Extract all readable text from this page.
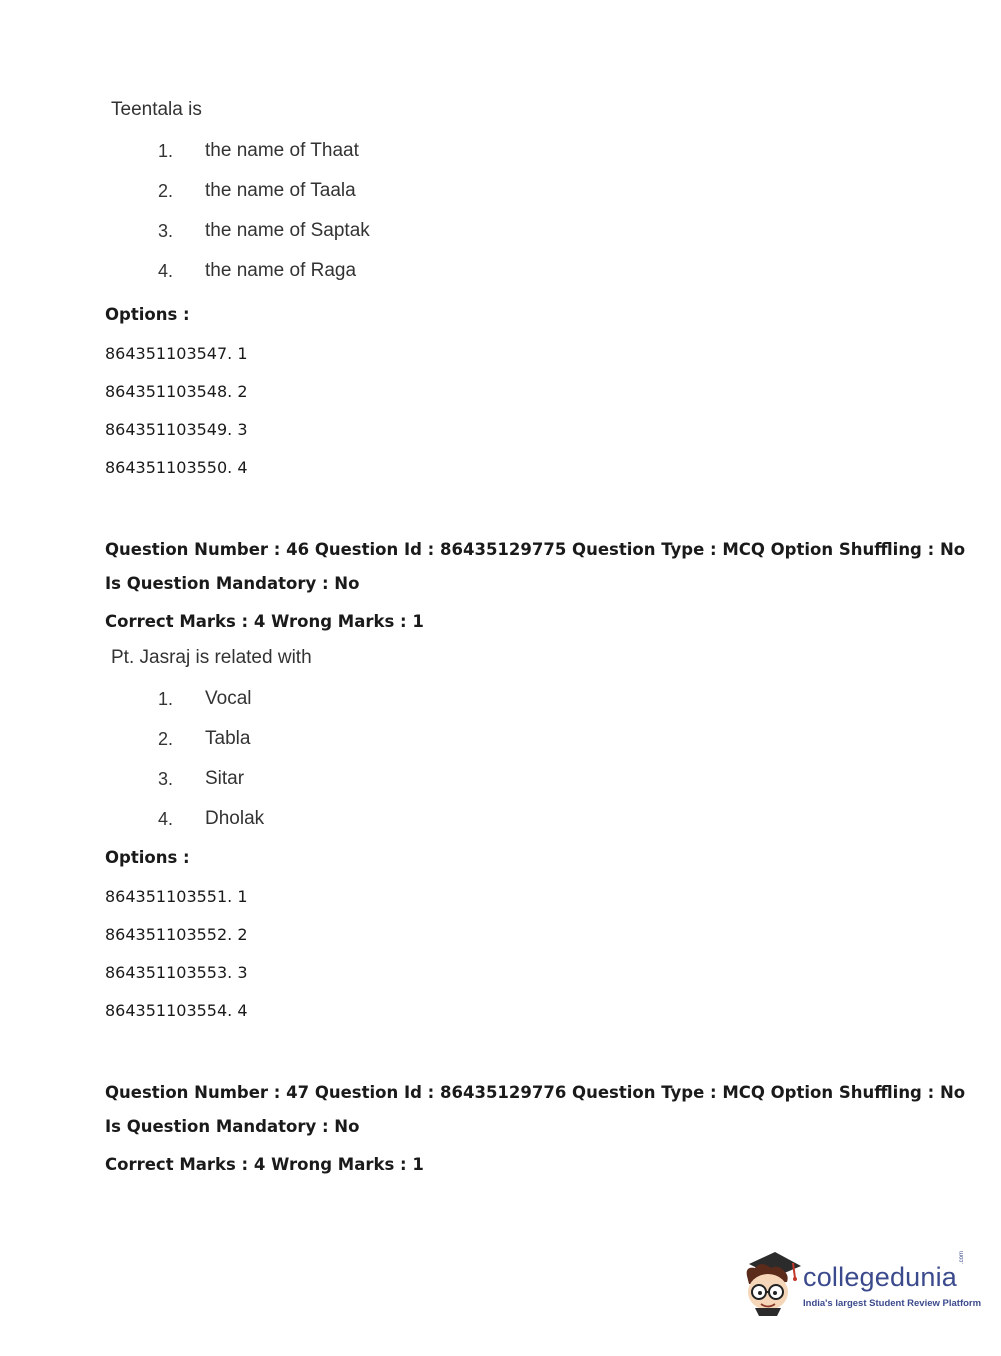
Teentala is
1. the name of Thaat
2. the name of Taala
3. the name of Saptak
4. the name of Raga
Options :
864351103547. 1
864351103548. 2
864351103549. 3
864351103550. 4
Question Number : 46 Question Id : 86435129775 Question Type : MCQ Option Shuffling : No
Is Question Mandatory : No
Correct Marks : 4 Wrong Marks : 1
Pt. Jasraj is related with
1. Vocal
2. Tabla
3. Sitar
4. Dholak
Options :
864351103551. 1
864351103552. 2
864351103553. 3
864351103554. 4
Question Number : 47 Question Id : 86435129776 Question Type : MCQ Option Shuffling : No
Is Question Mandatory : No
Correct Marks : 4 Wrong Marks : 1
collegedunia
.com
India's largest Student Review Platform
